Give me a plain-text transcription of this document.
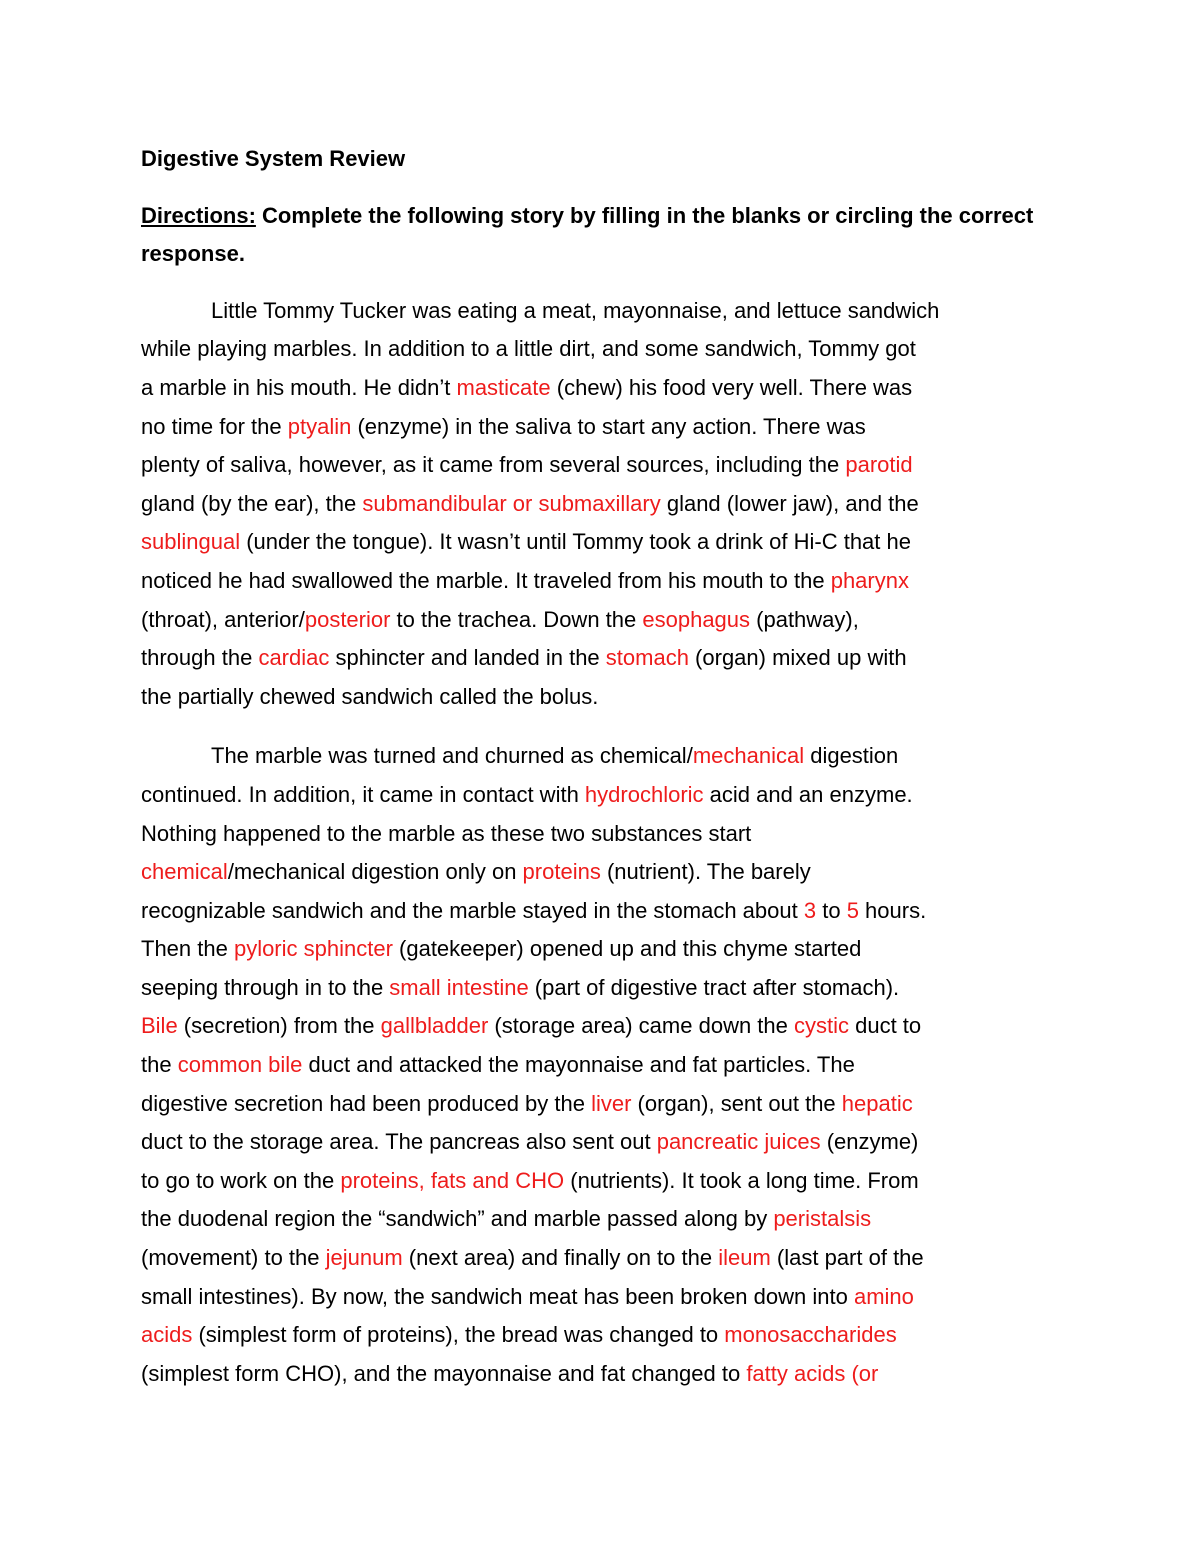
Digestive System Review

Directions: Complete the following story by filling in the blanks or circling the correct response.

Little Tommy Tucker was eating a meat, mayonnaise, and lettuce sandwich
while playing marbles. In addition to a little dirt, and some sandwich, Tommy got
a marble in his mouth. He didn’t masticate (chew) his food very well. There was
no time for the ptyalin (enzyme) in the saliva to start any action. There was
plenty of saliva, however, as it came from several sources, including the parotid
gland (by the ear), the submandibular or submaxillary gland (lower jaw), and the
sublingual (under the tongue). It wasn’t until Tommy took a drink of Hi-C that he
noticed he had swallowed the marble. It traveled from his mouth to the pharynx
(throat), anterior/posterior to the trachea. Down the esophagus (pathway),
through the cardiac sphincter and landed in the stomach (organ) mixed up with
the partially chewed sandwich called the bolus.

The marble was turned and churned as chemical/mechanical digestion
continued. In addition, it came in contact with hydrochloric acid and an enzyme.
Nothing happened to the marble as these two substances start
chemical/mechanical digestion only on proteins (nutrient). The barely
recognizable sandwich and the marble stayed in the stomach about 3 to 5 hours.
Then the pyloric sphincter (gatekeeper) opened up and this chyme started
seeping through in to the small intestine (part of digestive tract after stomach).
Bile (secretion) from the gallbladder (storage area) came down the cystic duct to
the common bile duct and attacked the mayonnaise and fat particles. The
digestive secretion had been produced by the liver (organ), sent out the hepatic
duct to the storage area. The pancreas also sent out pancreatic juices (enzyme)
to go to work on the proteins, fats and CHO (nutrients). It took a long time. From
the duodenal region the “sandwich” and marble passed along by peristalsis
(movement) to the jejunum (next area) and finally on to the ileum (last part of the
small intestines). By now, the sandwich meat has been broken down into amino
acids (simplest form of proteins), the bread was changed to monosaccharides
(simplest form CHO), and the mayonnaise and fat changed to fatty acids (or
